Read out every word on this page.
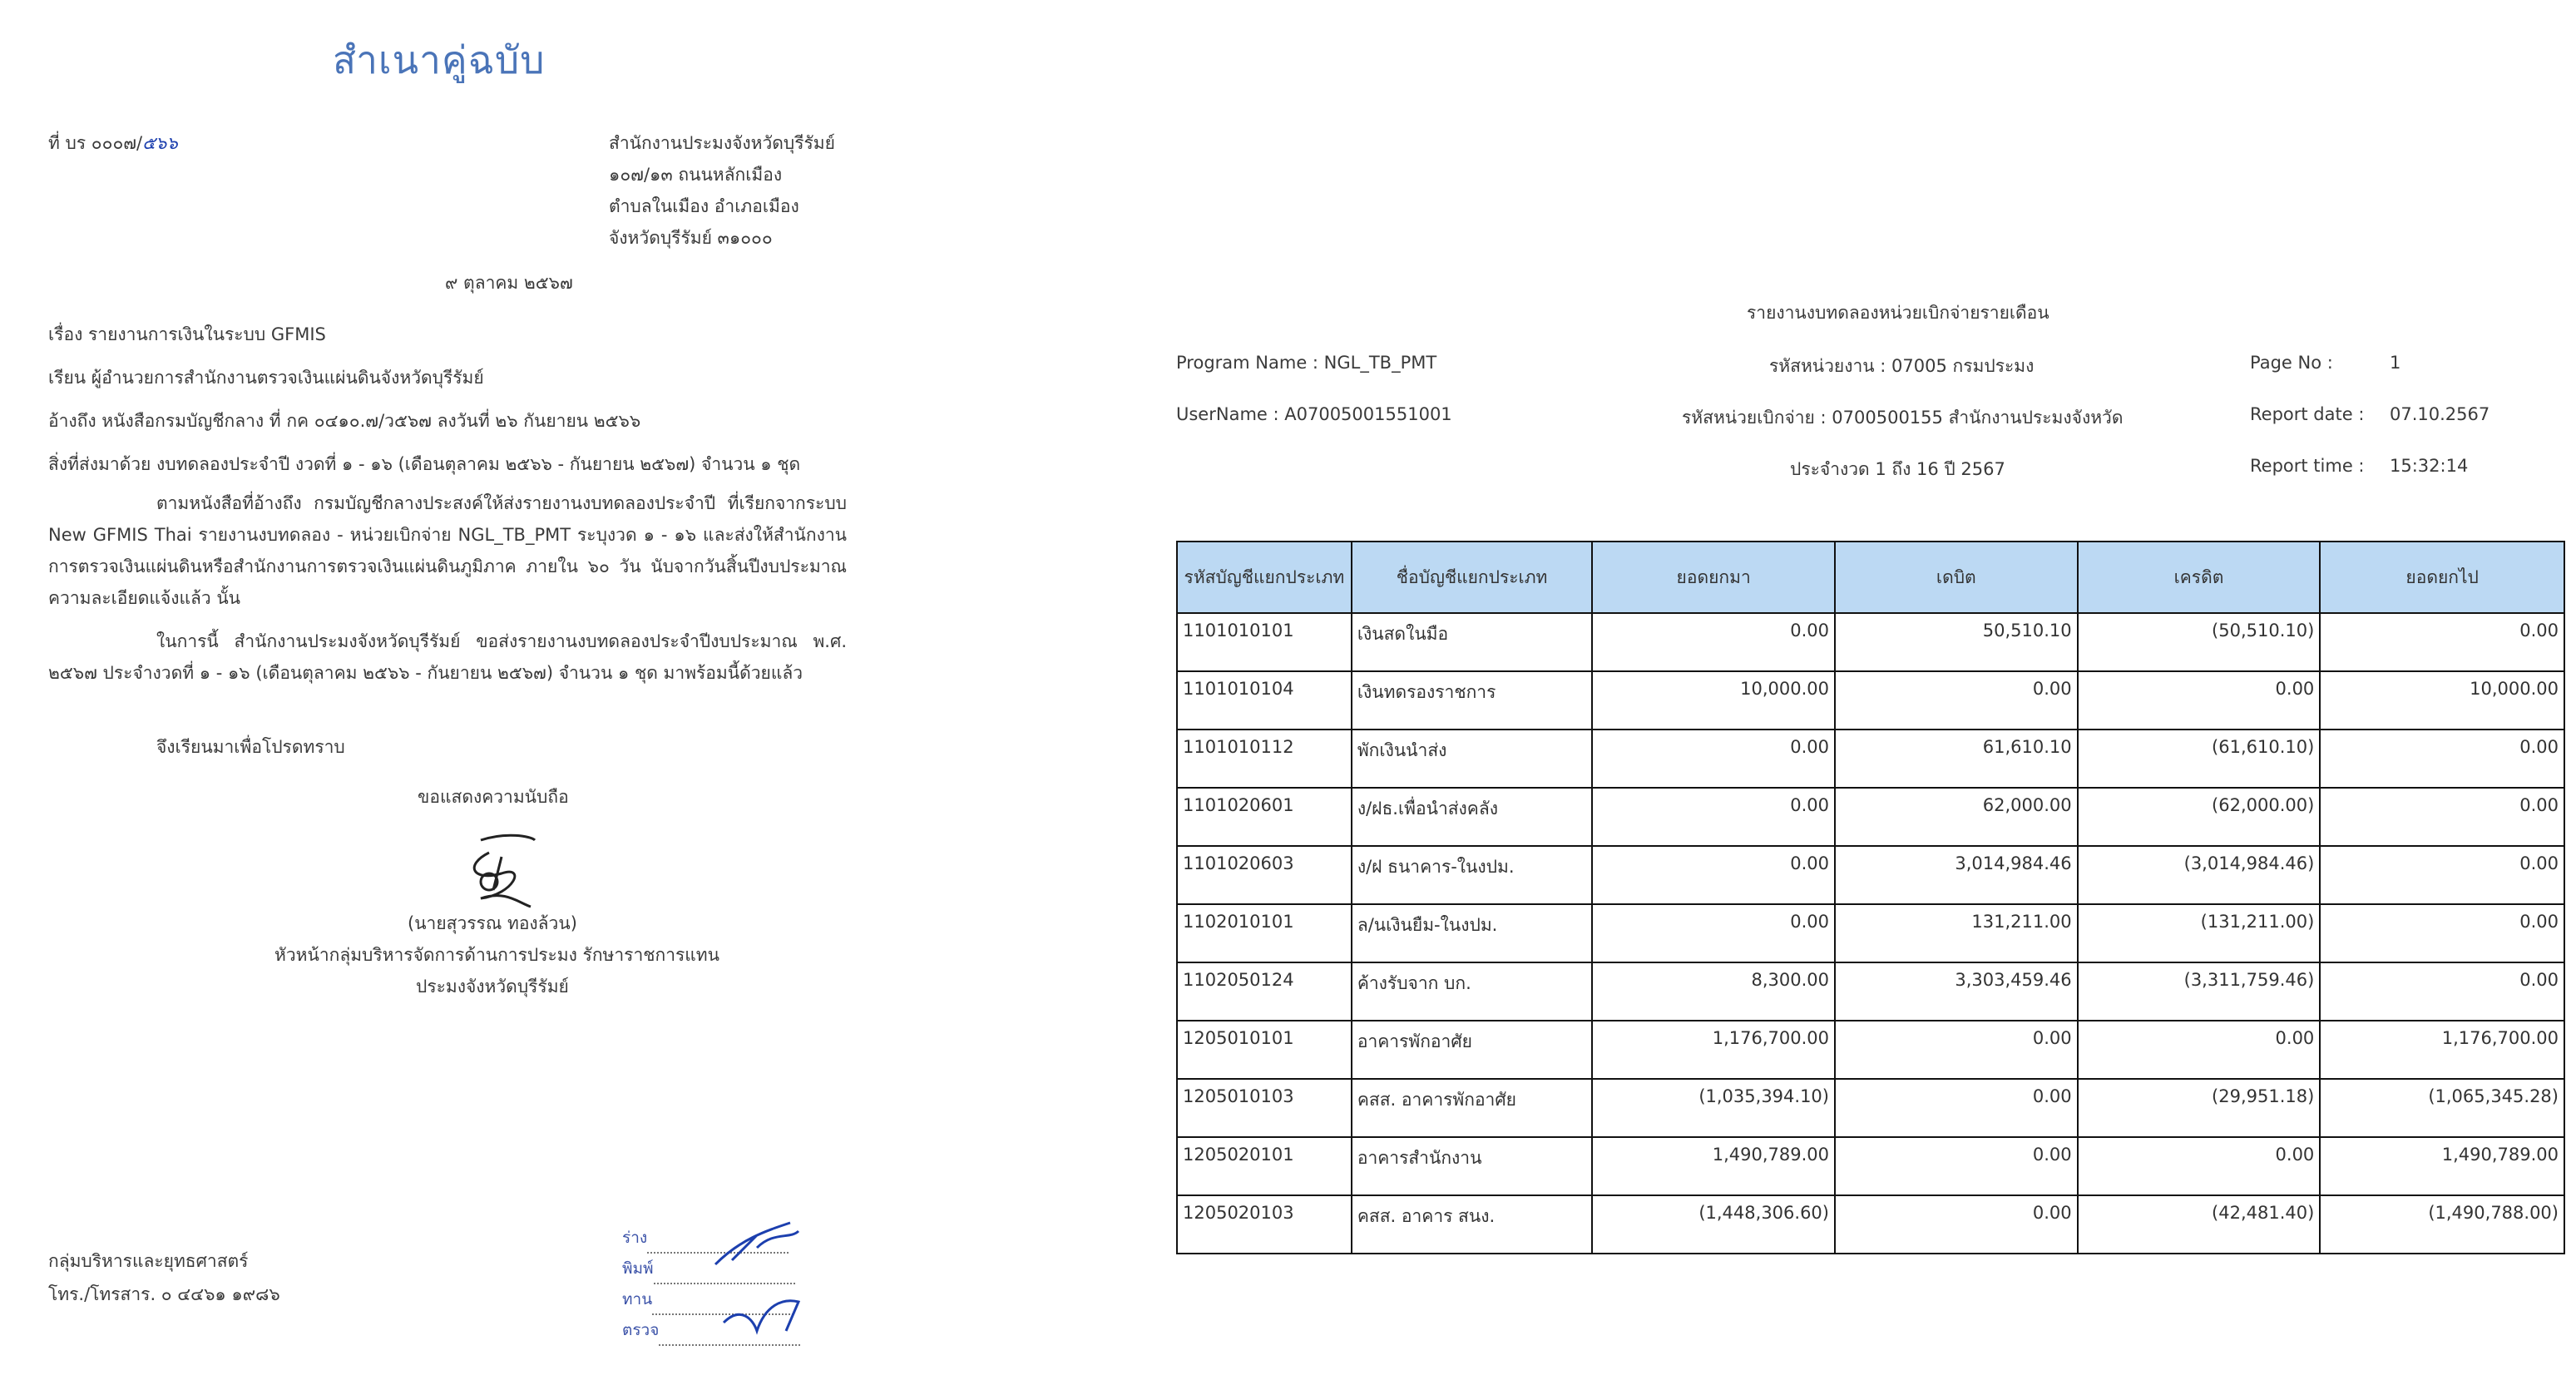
สำเนาคู่ฉบับ
ที่ บร ๐๐๐๗/๕๖๖	สำนักงานประมงจังหวัดบุรีรัมย์
๑๐๗/๑๓ ถนนหลักเมือง
ตำบลในเมือง อำเภอเมือง
จังหวัดบุรีรัมย์ ๓๑๐๐๐
๙ ตุลาคม ๒๕๖๗
เรื่อง รายงานการเงินในระบบ GFMIS
เรียน ผู้อำนวยการสำนักงานตรวจเงินแผ่นดินจังหวัดบุรีรัมย์
อ้างถึง หนังสือกรมบัญชีกลาง ที่ กค ๐๔๑๐.๗/ว๕๖๗ ลงวันที่ ๒๖ กันยายน ๒๕๖๖
สิ่งที่ส่งมาด้วย งบทดลองประจำปี งวดที่ ๑ - ๑๖ (เดือนตุลาคม ๒๕๖๖ - กันยายน ๒๕๖๗) จำนวน ๑ ชุด
ตามหนังสือที่อ้างถึง กรมบัญชีกลางประสงค์ให้ส่งรายงานงบทดลองประจำปี ที่เรียกจากระบบ New GFMIS Thai รายงานงบทดลอง - หน่วยเบิกจ่าย NGL_TB_PMT ระบุงวด ๑ - ๑๖ และส่งให้สำนักงานการตรวจเงินแผ่นดินหรือสำนักงานการตรวจเงินแผ่นดินภูมิภาค ภายใน ๖๐ วัน นับจากวันสิ้นปีงบประมาณ ความละเอียดแจ้งแล้ว นั้น
ในการนี้ สำนักงานประมงจังหวัดบุรีรัมย์ ขอส่งรายงานงบทดลองประจำปีงบประมาณ พ.ศ. ๒๕๖๗ ประจำงวดที่ ๑ - ๑๖ (เดือนตุลาคม ๒๕๖๖ - กันยายน ๒๕๖๗) จำนวน ๑ ชุด มาพร้อมนี้ด้วยแล้ว
จึงเรียนมาเพื่อโปรดทราบ
ขอแสดงความนับถือ
(นายสุวรรณ ทองล้วน)
หัวหน้ากลุ่มบริหารจัดการด้านการประมง รักษาราชการแทน
ประมงจังหวัดบุรีรัมย์
กลุ่มบริหารและยุทธศาสตร์
โทร./โทรสาร. ๐ ๔๔๖๑ ๑๙๘๖
ร่าง
พิมพ์
ทาน
ตรวจ
รายงานงบทดลองหน่วยเบิกจ่ายรายเดือน
Program Name : NGL_TB_PMT	รหัสหน่วยงาน : 07005 กรมประมง	Page No :	1
UserName : A07005001551001	รหัสหน่วยเบิกจ่าย : 0700500155 สำนักงานประมงจังหวัด	Report date : 07.10.2567
ประจำงวด 1 ถึง 16 ปี 2567	Report time : 15:32:14
รหัสบัญชีแยกประเภท	ชื่อบัญชีแยกประเภท	ยอดยกมา	เดบิต	เครดิต	ยอดยกไป
1101010101	เงินสดในมือ	0.00	50,510.10	(50,510.10)	0.00
1101010104	เงินทดรองราชการ	10,000.00	0.00	0.00	10,000.00
1101010112	พักเงินนำส่ง	0.00	61,610.10	(61,610.10)	0.00
1101020601	ง/ฝธ.เพื่อนำส่งคลัง	0.00	62,000.00	(62,000.00)	0.00
1101020603	ง/ฝ ธนาคาร-ในงปม.	0.00	3,014,984.46	(3,014,984.46)	0.00
1102010101	ล/นเงินยืม-ในงปม.	0.00	131,211.00	(131,211.00)	0.00
1102050124	ค้างรับจาก บก.	8,300.00	3,303,459.46	(3,311,759.46)	0.00
1205010101	อาคารพักอาศัย	1,176,700.00	0.00	0.00	1,176,700.00
1205010103	คสส. อาคารพักอาศัย	(1,035,394.10)	0.00	(29,951.18)	(1,065,345.28)
1205020101	อาคารสำนักงาน	1,490,789.00	0.00	0.00	1,490,789.00
1205020103	คสส. อาคาร สนง.	(1,448,306.60)	0.00	(42,481.40)	(1,490,788.00)
